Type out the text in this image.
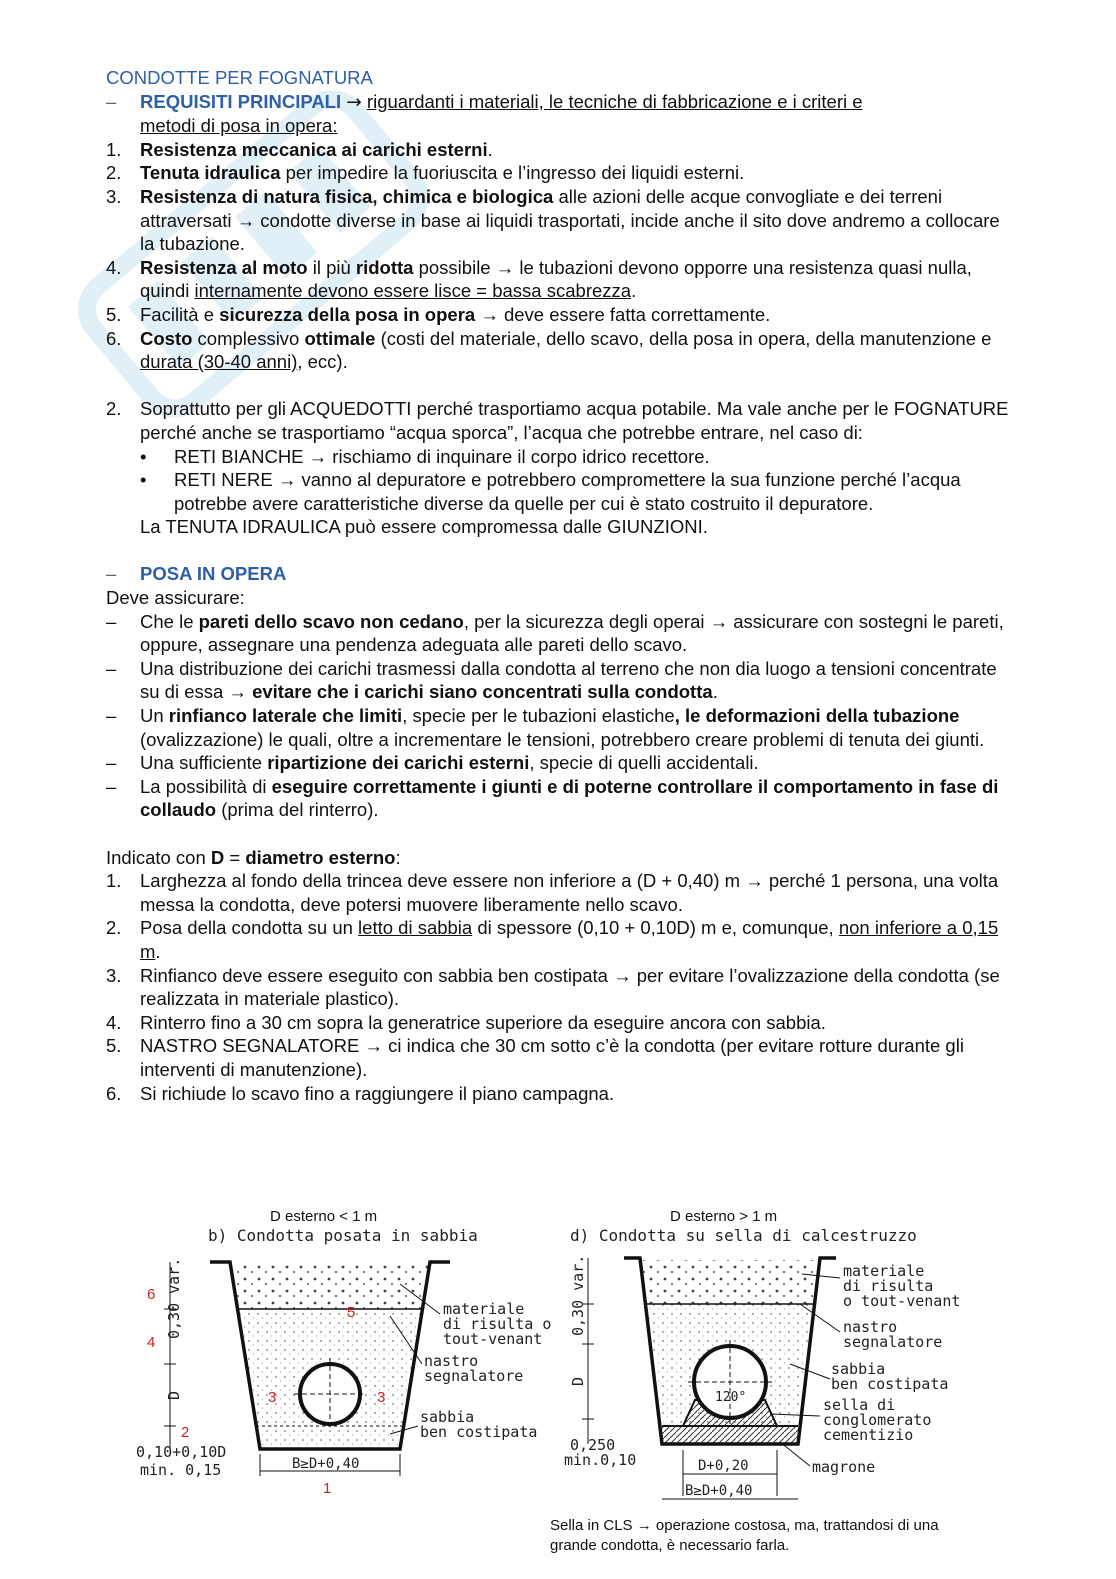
CONDOTTE PER FOGNATURA
–	REQUISITI PRINCIPALI → riguardanti i materiali, le tecniche di fabbricazione e i criteri e
metodi di posa in opera:
1.	Resistenza meccanica ai carichi esterni.
2.	Tenuta idraulica per impedire la fuoriuscita e l’ingresso dei liquidi esterni.
3.	Resistenza di natura fisica, chimica e biologica alle azioni delle acque convogliate e dei terreni attraversati → condotte diverse in base ai liquidi trasportati, incide anche il sito dove andremo a collocare la tubazione.
4.	Resistenza al moto il più ridotta possibile → le tubazioni devono opporre una resistenza quasi nulla, quindi internamente devono essere lisce = bassa scabrezza.
5.	Facilità e sicurezza della posa in opera → deve essere fatta correttamente.
6.	Costo complessivo ottimale (costi del materiale, dello scavo, della posa in opera, della manutenzione e durata (30-40 anni), ecc).
2.	Soprattutto per gli ACQUEDOTTI perché trasportiamo acqua potabile. Ma vale anche per le FOGNATURE perché anche se trasportiamo “acqua sporca”, l’acqua che potrebbe entrare, nel caso di:
•	RETI BIANCHE → rischiamo di inquinare il corpo idrico recettore.
•	RETI NERE → vanno al depuratore e potrebbero compromettere la sua funzione perché l’acqua potrebbe avere caratteristiche diverse da quelle per cui è stato costruito il depuratore.
La TENUTA IDRAULICA può essere compromessa dalle GIUNZIONI.
–	POSA IN OPERA
Deve assicurare:
–	Che le pareti dello scavo non cedano, per la sicurezza degli operai → assicurare con sostegni le pareti, oppure, assegnare una pendenza adeguata alle pareti dello scavo.
–	Una distribuzione dei carichi trasmessi dalla condotta al terreno che non dia luogo a tensioni concentrate su di essa → evitare che i carichi siano concentrati sulla condotta.
–	Un rinfianco laterale che limiti, specie per le tubazioni elastiche, le deformazioni della tubazione (ovalizzazione) le quali, oltre a incrementare le tensioni, potrebbero creare problemi di tenuta dei giunti.
–	Una sufficiente ripartizione dei carichi esterni, specie di quelli accidentali.
–	La possibilità di eseguire correttamente i giunti e di poterne controllare il comportamento in fase di collaudo (prima del rinterro).
Indicato con D = diametro esterno:
1.	Larghezza al fondo della trincea deve essere non inferiore a (D + 0,40) m → perché 1 persona, una volta messa la condotta, deve potersi muovere liberamente nello scavo.
2.	Posa della condotta su un letto di sabbia di spessore (0,10 + 0,10D) m e, comunque, non inferiore a 0,15 m.
3.	Rinfianco deve essere eseguito con sabbia ben costipata → per evitare l’ovalizzazione della condotta (se realizzata in materiale plastico).
4.	Rinterro fino a 30 cm sopra la generatrice superiore da eseguire ancora con sabbia.
5.	NASTRO SEGNALATORE → ci indica che 30 cm sotto c’è la condotta (per evitare rotture durante gli interventi di manutenzione).
6.	Si richiude lo scavo fino a raggiungere il piano campagna.
D esterno < 1 m
b) Condotta posata in sabbia
0,30 var.
D
0,10+0,10D
min. 0,15	B≥D+0,40
materiale
di risulta o
tout-venant
nastro
segnalatore
sabbia
ben costipata
6
4
5
3	3
2
1
D esterno > 1 m
d) Condotta su sella di calcestruzzo
120°
0,30 var.
D
0,250
min.0,10	D+0,20
B≥D+0,40
materiale
di risulta
o tout-venant
nastro
segnalatore
sabbia
ben costipata
sella di
conglomerato
cementizio
magrone
Sella in CLS → operazione costosa, ma, trattandosi di una grande condotta, è necessario farla.
